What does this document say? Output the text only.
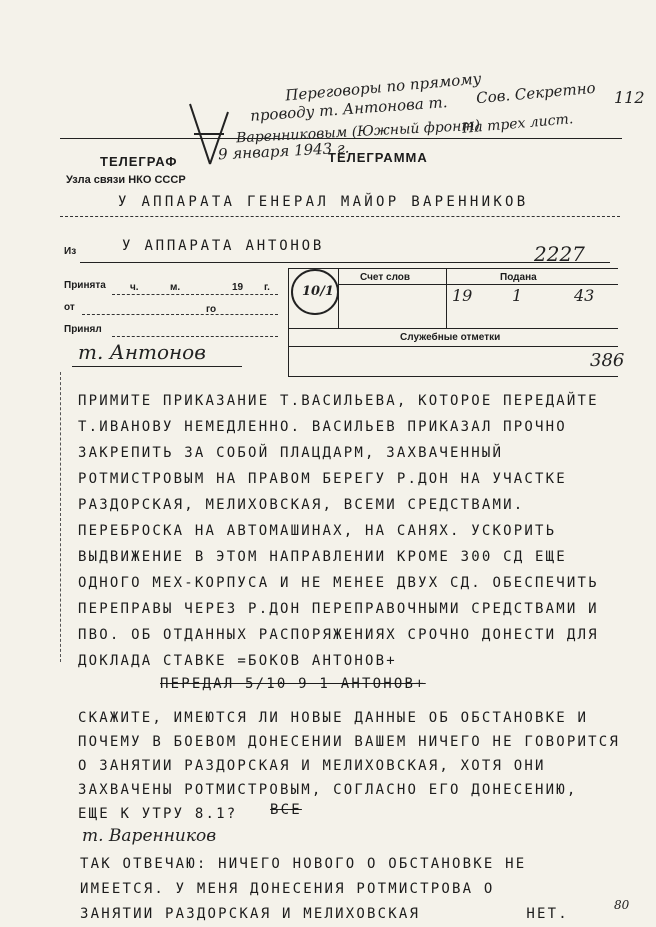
Переговоры по прямому
Сов. Секретно 112
проводу т. Антонова т. На трех лист.
Варенниковым (Южный фронт)
9 января 1943 г.
ТЕЛЕГРАФ	ТЕЛЕГРАММА
Узла связи НКО СССР
У АППАРАТА ГЕНЕРАЛ МАЙОР ВАРЕННИКОВ
Из	У АППАРАТА АНТОНОВ	2227
Принята ч.	м.	19 г.
от	го
Принял
Счет слов	Подана
19 1	43
Служебные отметки
10/1
т. Антонов	386
ПРИМИТЕ ПРИКАЗАНИЕ Т.ВАСИЛЬЕВА, КОТОРОЕ ПЕРЕДАЙТЕ
Т.ИВАНОВУ НЕМЕДЛЕННО. ВАСИЛЬЕВ ПРИКАЗАЛ ПРОЧНО
ЗАКРЕПИТЬ ЗА СОБОЙ ПЛАЦДАРМ, ЗАХВАЧЕННЫЙ
РОТМИСТРОВЫМ НА ПРАВОМ БЕРЕГУ Р.ДОН НА УЧАСТКЕ
РАЗДОРСКАЯ, МЕЛИХОВСКАЯ, ВСЕМИ СРЕДСТВАМИ.
ПЕРЕБРОСКА НА АВТОМАШИНАХ, НА САНЯХ. УСКОРИТЬ
ВЫДВИЖЕНИЕ В ЭТОМ НАПРАВЛЕНИИ КРОМЕ 300 СД ЕЩЕ
ОДНОГО МЕХ-КОРПУСА И НЕ МЕНЕЕ ДВУХ СД. ОБЕСПЕЧИТЬ
ПЕРЕПРАВЫ ЧЕРЕЗ Р.ДОН ПЕРЕПРАВОЧНЫМИ СРЕДСТВАМИ И
ПВО. ОБ ОТДАННЫХ РАСПОРЯЖЕНИЯХ СРОЧНО ДОНЕСТИ ДЛЯ
ДОКЛАДА СТАВКЕ =БОКОВ АНТОНОВ+
ПЕРЕДАЛ 5/10 9 1 АНТОНОВ+
СКАЖИТЕ, ИМЕЮТСЯ ЛИ НОВЫЕ ДАННЫЕ ОБ ОБСТАНОВКЕ И
ПОЧЕМУ В БОЕВОМ ДОНЕСЕНИИ ВАШЕМ НИЧЕГО НЕ ГОВОРИТСЯ
О ЗАНЯТИИ РАЗДОРСКАЯ И МЕЛИХОВСКАЯ, ХОТЯ ОНИ
ЗАХВАЧЕНЫ РОТМИСТРОВЫМ, СОГЛАСНО ЕГО ДОНЕСЕНИЮ,
ЕЩЕ К УТРУ 8.1?	ВСЕ
т. Варенников
ТАК ОТВЕЧАЮ: НИЧЕГО НОВОГО О ОБСТАНОВКЕ НЕ
ИМЕЕТСЯ. У МЕНЯ ДОНЕСЕНИЯ РОТМИСТРОВА О
ЗАНЯТИИ РАЗДОРСКАЯ И МЕЛИХОВСКАЯ          НЕТ.
80
